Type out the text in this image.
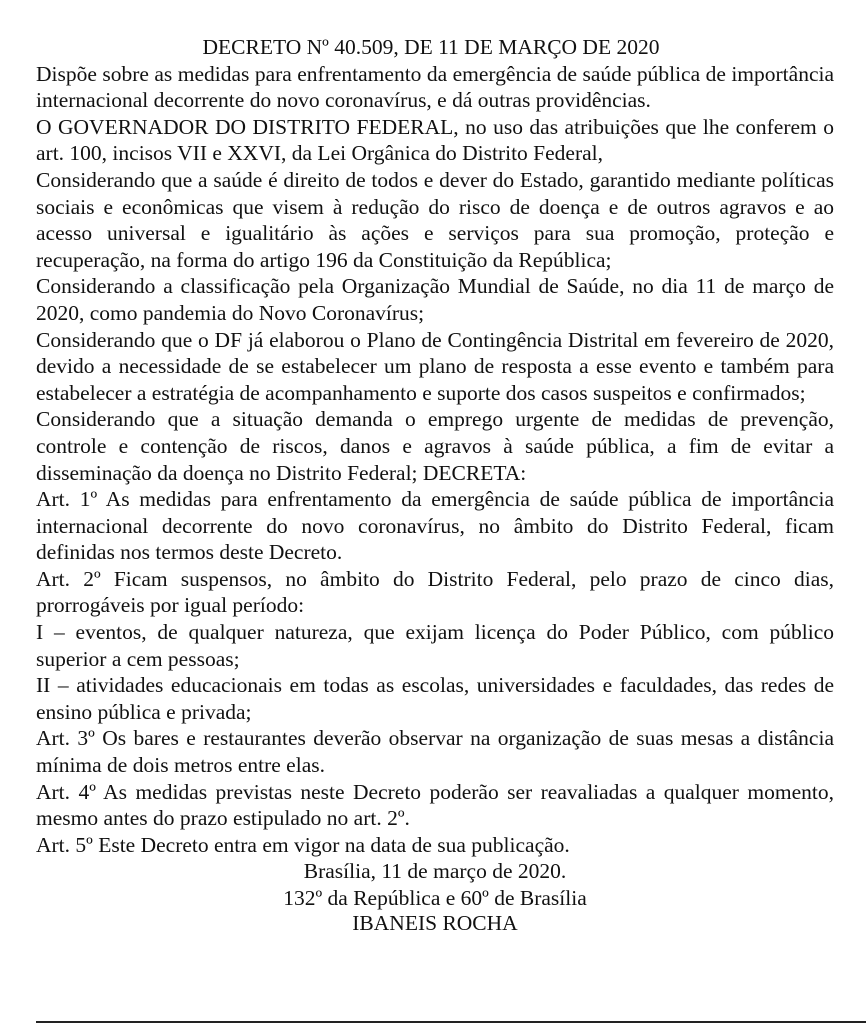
DECRETO Nº 40.509, DE 11 DE MARÇO DE 2020

Dispõe sobre as medidas para enfrentamento da emergência de saúde pública de importância internacional decorrente do novo coronavírus, e dá outras providências.

O GOVERNADOR DO DISTRITO FEDERAL, no uso das atribuições que lhe conferem o art. 100, incisos VII e XXVI, da Lei Orgânica do Distrito Federal,

Considerando que a saúde é direito de todos e dever do Estado, garantido mediante políticas sociais e econômicas que visem à redução do risco de doença e de outros agravos e ao acesso universal e igualitário às ações e serviços para sua promoção, proteção e recuperação, na forma do artigo 196 da Constituição da República;

Considerando a classificação pela Organização Mundial de Saúde, no dia 11 de março de 2020, como pandemia do Novo Coronavírus;

Considerando que o DF já elaborou o Plano de Contingência Distrital em fevereiro de 2020, devido a necessidade de se estabelecer um plano de resposta a esse evento e também para estabelecer a estratégia de acompanhamento e suporte dos casos suspeitos e confirmados;

Considerando que a situação demanda o emprego urgente de medidas de prevenção, controle e contenção de riscos, danos e agravos à saúde pública, a fim de evitar a disseminação da doença no Distrito Federal; DECRETA:

Art. 1º As medidas para enfrentamento da emergência de saúde pública de importância internacional decorrente do novo coronavírus, no âmbito do Distrito Federal, ficam definidas nos termos deste Decreto.

Art. 2º Ficam suspensos, no âmbito do Distrito Federal, pelo prazo de cinco dias, prorrogáveis por igual período:

I – eventos, de qualquer natureza, que exijam licença do Poder Público, com público superior a cem pessoas;

II – atividades educacionais em todas as escolas, universidades e faculdades, das redes de ensino pública e privada;

Art. 3º Os bares e restaurantes deverão observar na organização de suas mesas a distância mínima de dois metros entre elas.

Art. 4º As medidas previstas neste Decreto poderão ser reavaliadas a qualquer momento, mesmo antes do prazo estipulado no art. 2º.

Art. 5º Este Decreto entra em vigor na data de sua publicação.

Brasília, 11 de março de 2020.

132º da República e 60º de Brasília

IBANEIS ROCHA
